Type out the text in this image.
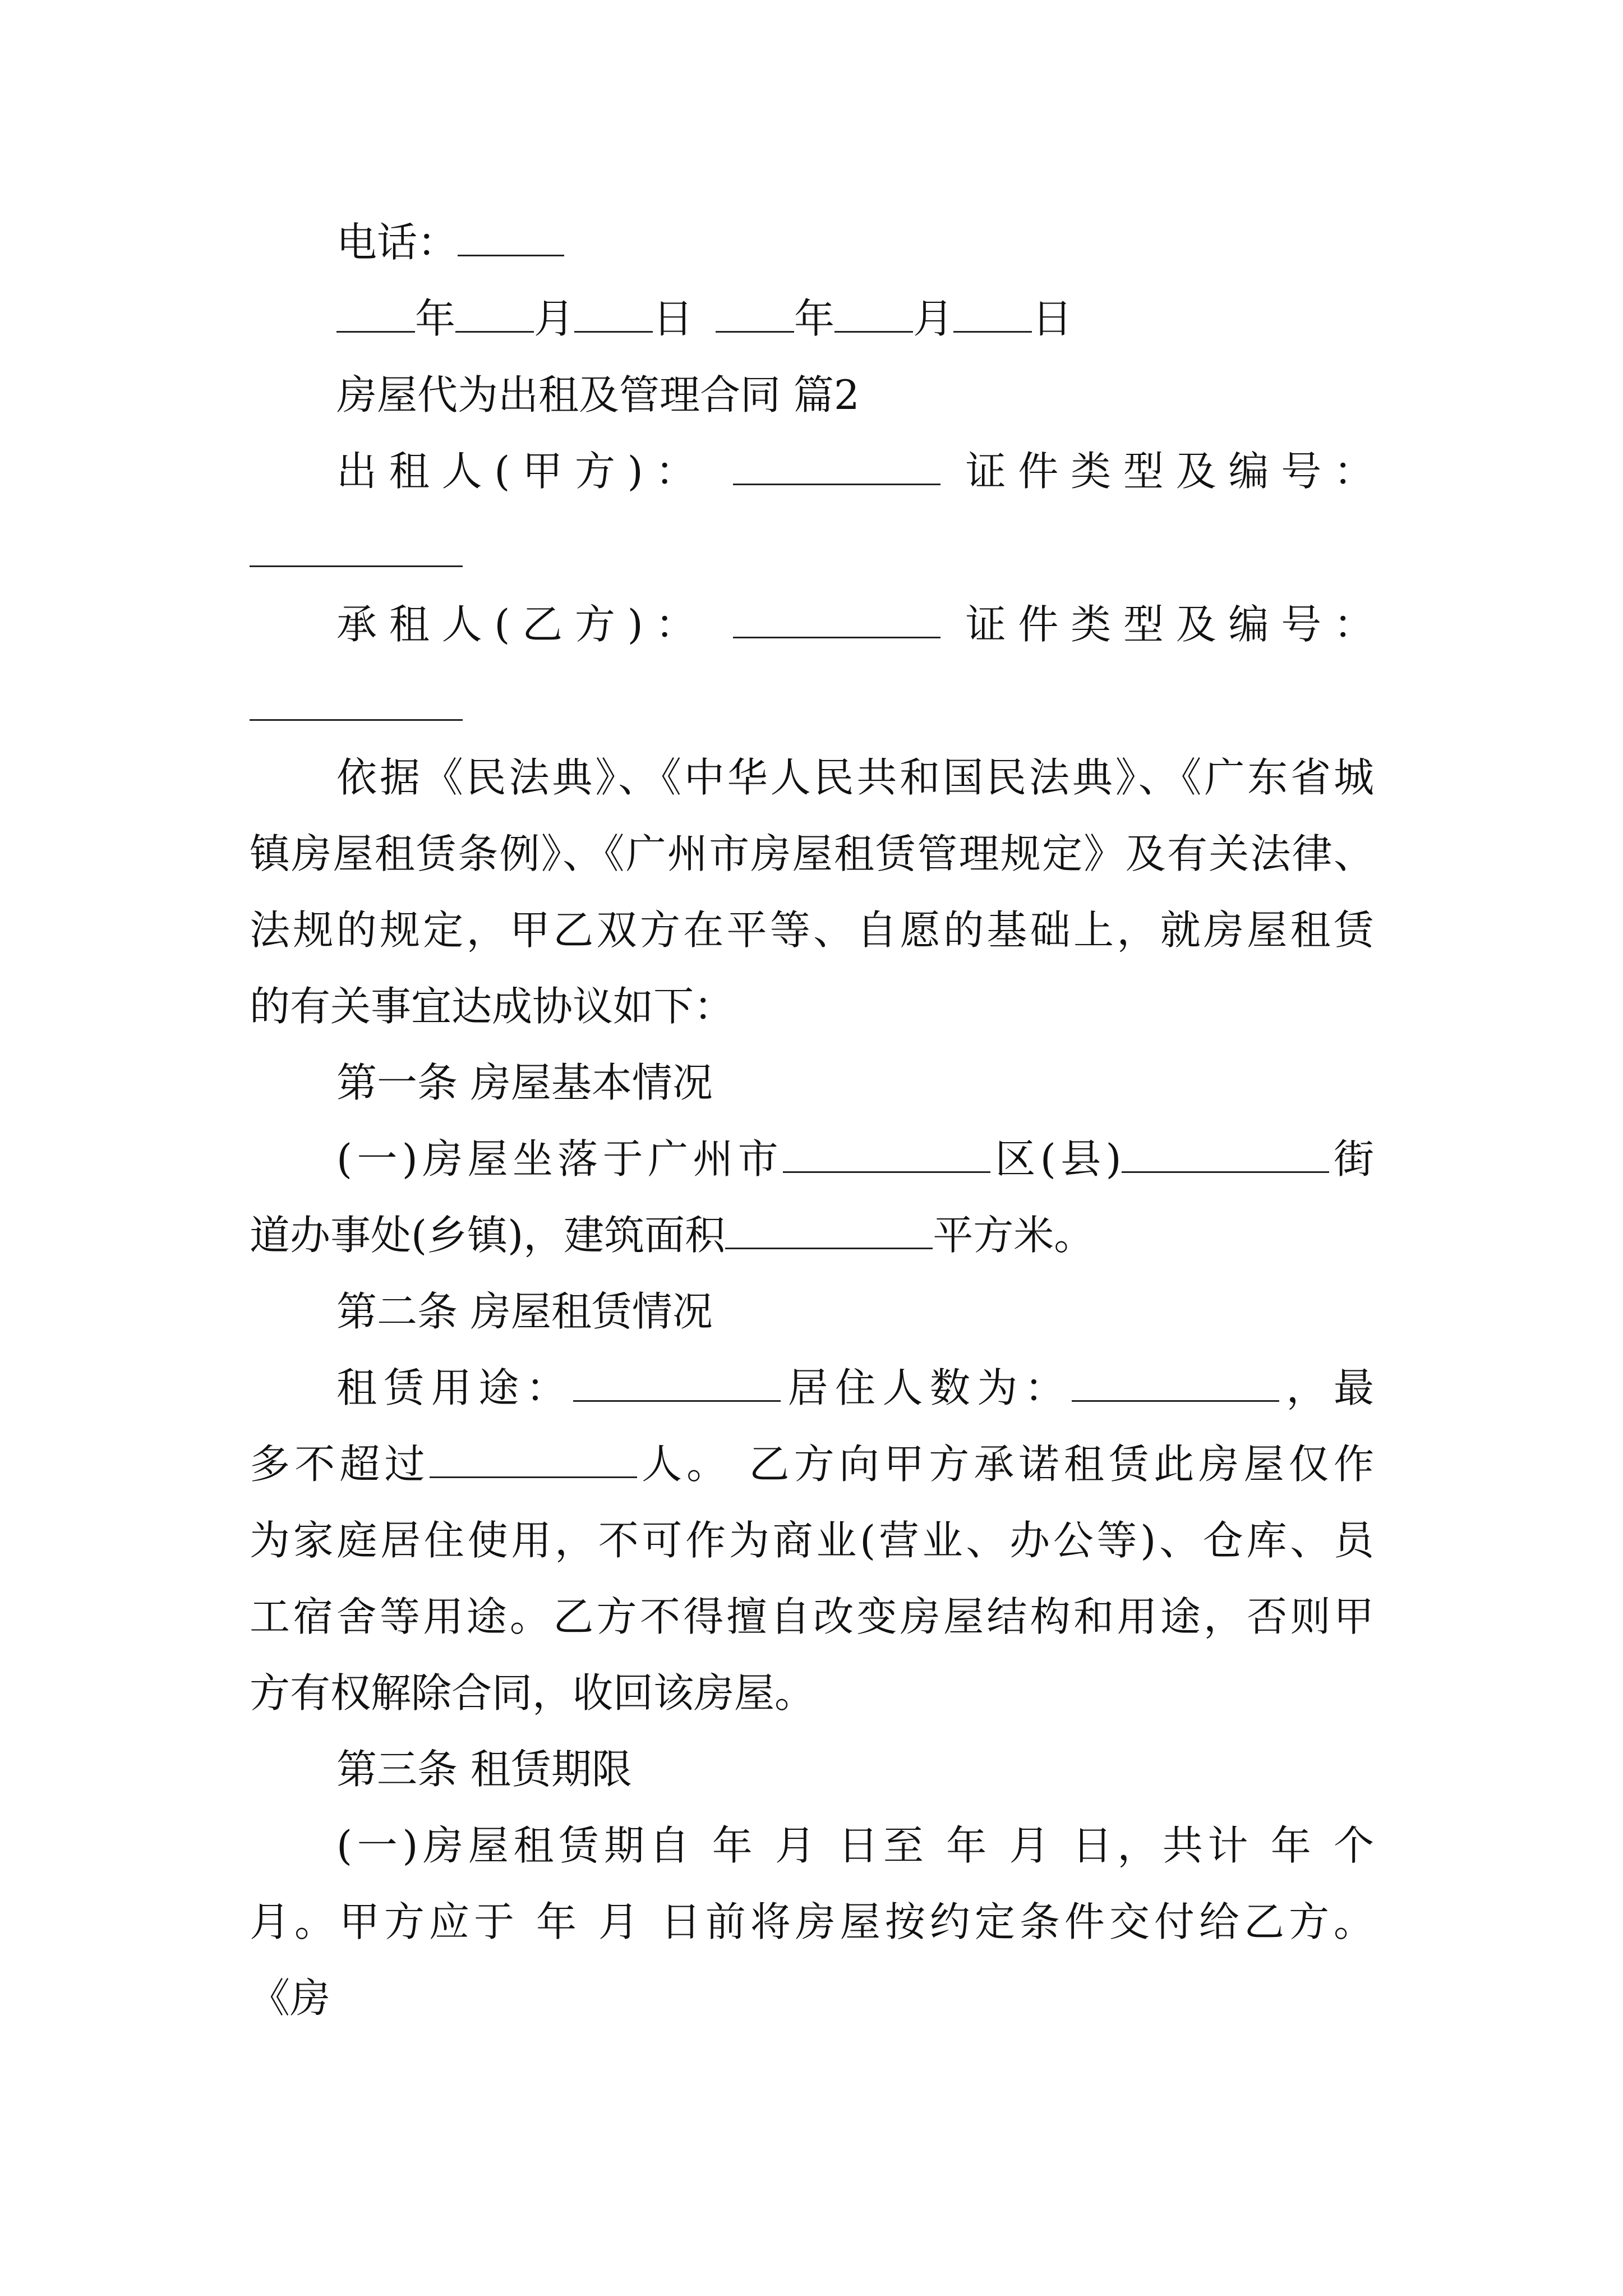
电话：
年 月 日	年 月 日
房屋代为出租及管理合同 篇2
出租人(甲方)：	证件类型及编号：
承租人(乙方)：	证件类型及编号：
依据《民法典》、《中华人民共和国民法典》、《广东省城
镇房屋租赁条例》、《广州市房屋租赁管理规定》及有关法律、
法规的规定，甲乙双方在平等、自愿的基础上，就房屋租赁
的有关事宜达成协议如下：
第一条 房屋基本情况
(一)房屋坐落于广州市	区(县)	街
道办事处(乡镇)，建筑面积	平方米。
第二条 房屋租赁情况
租赁用途：	居住人数为：	，最
多不超过	人。 乙方向甲方承诺租赁此房屋仅作
为家庭居住使用，不可作为商业(营业、办公等)、仓库、员
工宿舍等用途。乙方不得擅自改变房屋结构和用途，否则甲
方有权解除合同，收回该房屋。
第三条 租赁期限
(一)房屋租赁期自 年 月 日至 年 月 日，共计 年 个
月。甲方应于 年 月 日前将房屋按约定条件交付给乙方。
《房
